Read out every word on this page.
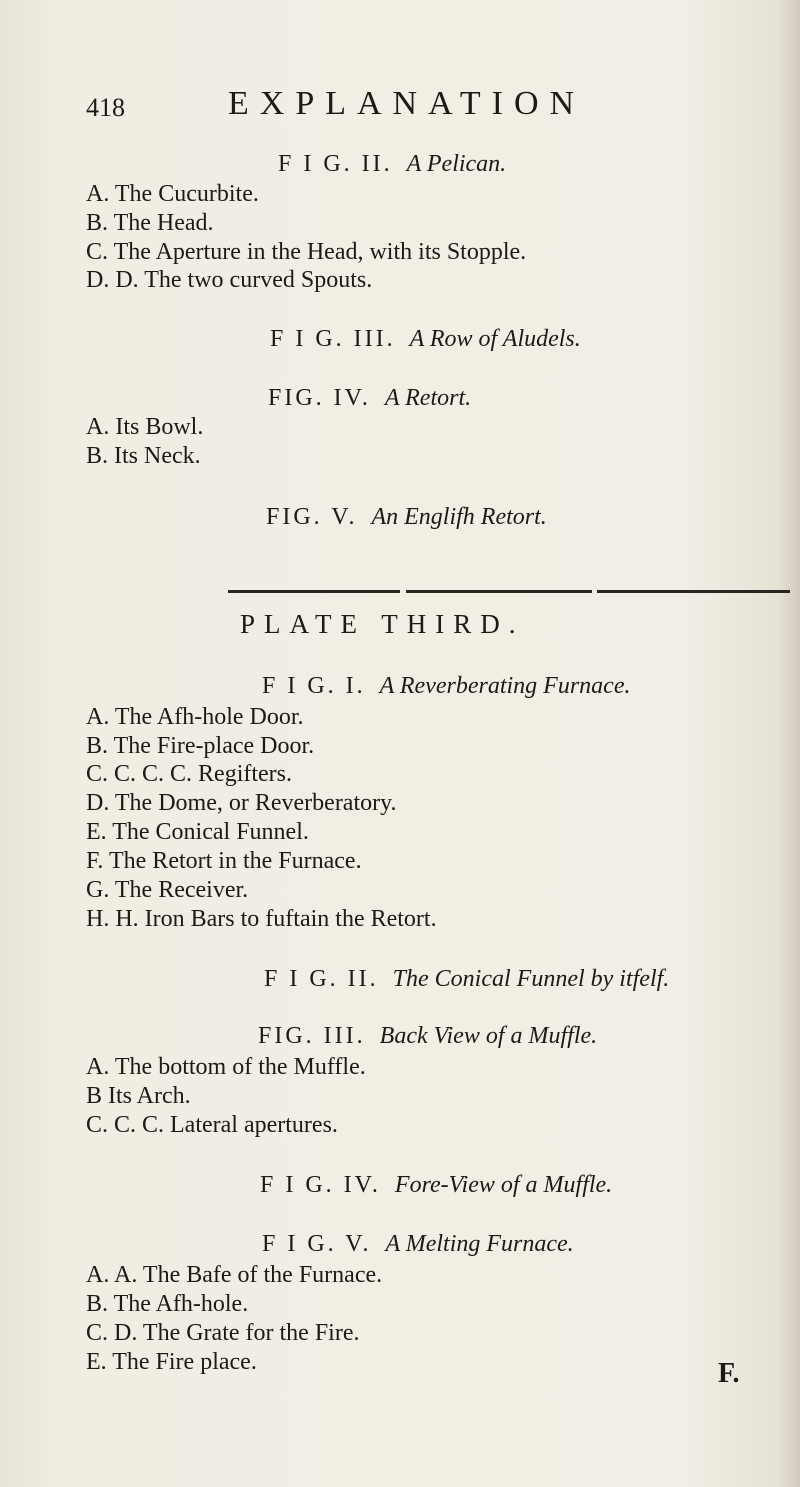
418	EXPLANATION
F I G. II. A Pelican.
A. The Cucurbite.
B. The Head.
C. The Aperture in the Head, with its Stopple.
D. D. The two curved Spouts.
F I G. III. A Row of Aludels.
FIG. IV. A Retort.
A. Its Bowl.
B. Its Neck.
FIG. V. An Englifh Retort.
PLATE THIRD.
F I G. I. A Reverberating Furnace.
A. The Afh-hole Door.
B. The Fire-place Door.
C. C. C. C. Regifters.
D. The Dome, or Reverberatory.
E. The Conical Funnel.
F. The Retort in the Furnace.
G. The Receiver.
H. H. Iron Bars to fuftain the Retort.
F I G. II. The Conical Funnel by itfelf.
FIG. III. Back View of a Muffle.
A. The bottom of the Muffle.
B Its Arch.
C. C. C. Lateral apertures.
F I G. IV. Fore-View of a Muffle.
F I G. V. A Melting Furnace.
A. A. The Bafe of the Furnace.
B. The Afh-hole.
C. D. The Grate for the Fire.
E. The Fire place.	F.
